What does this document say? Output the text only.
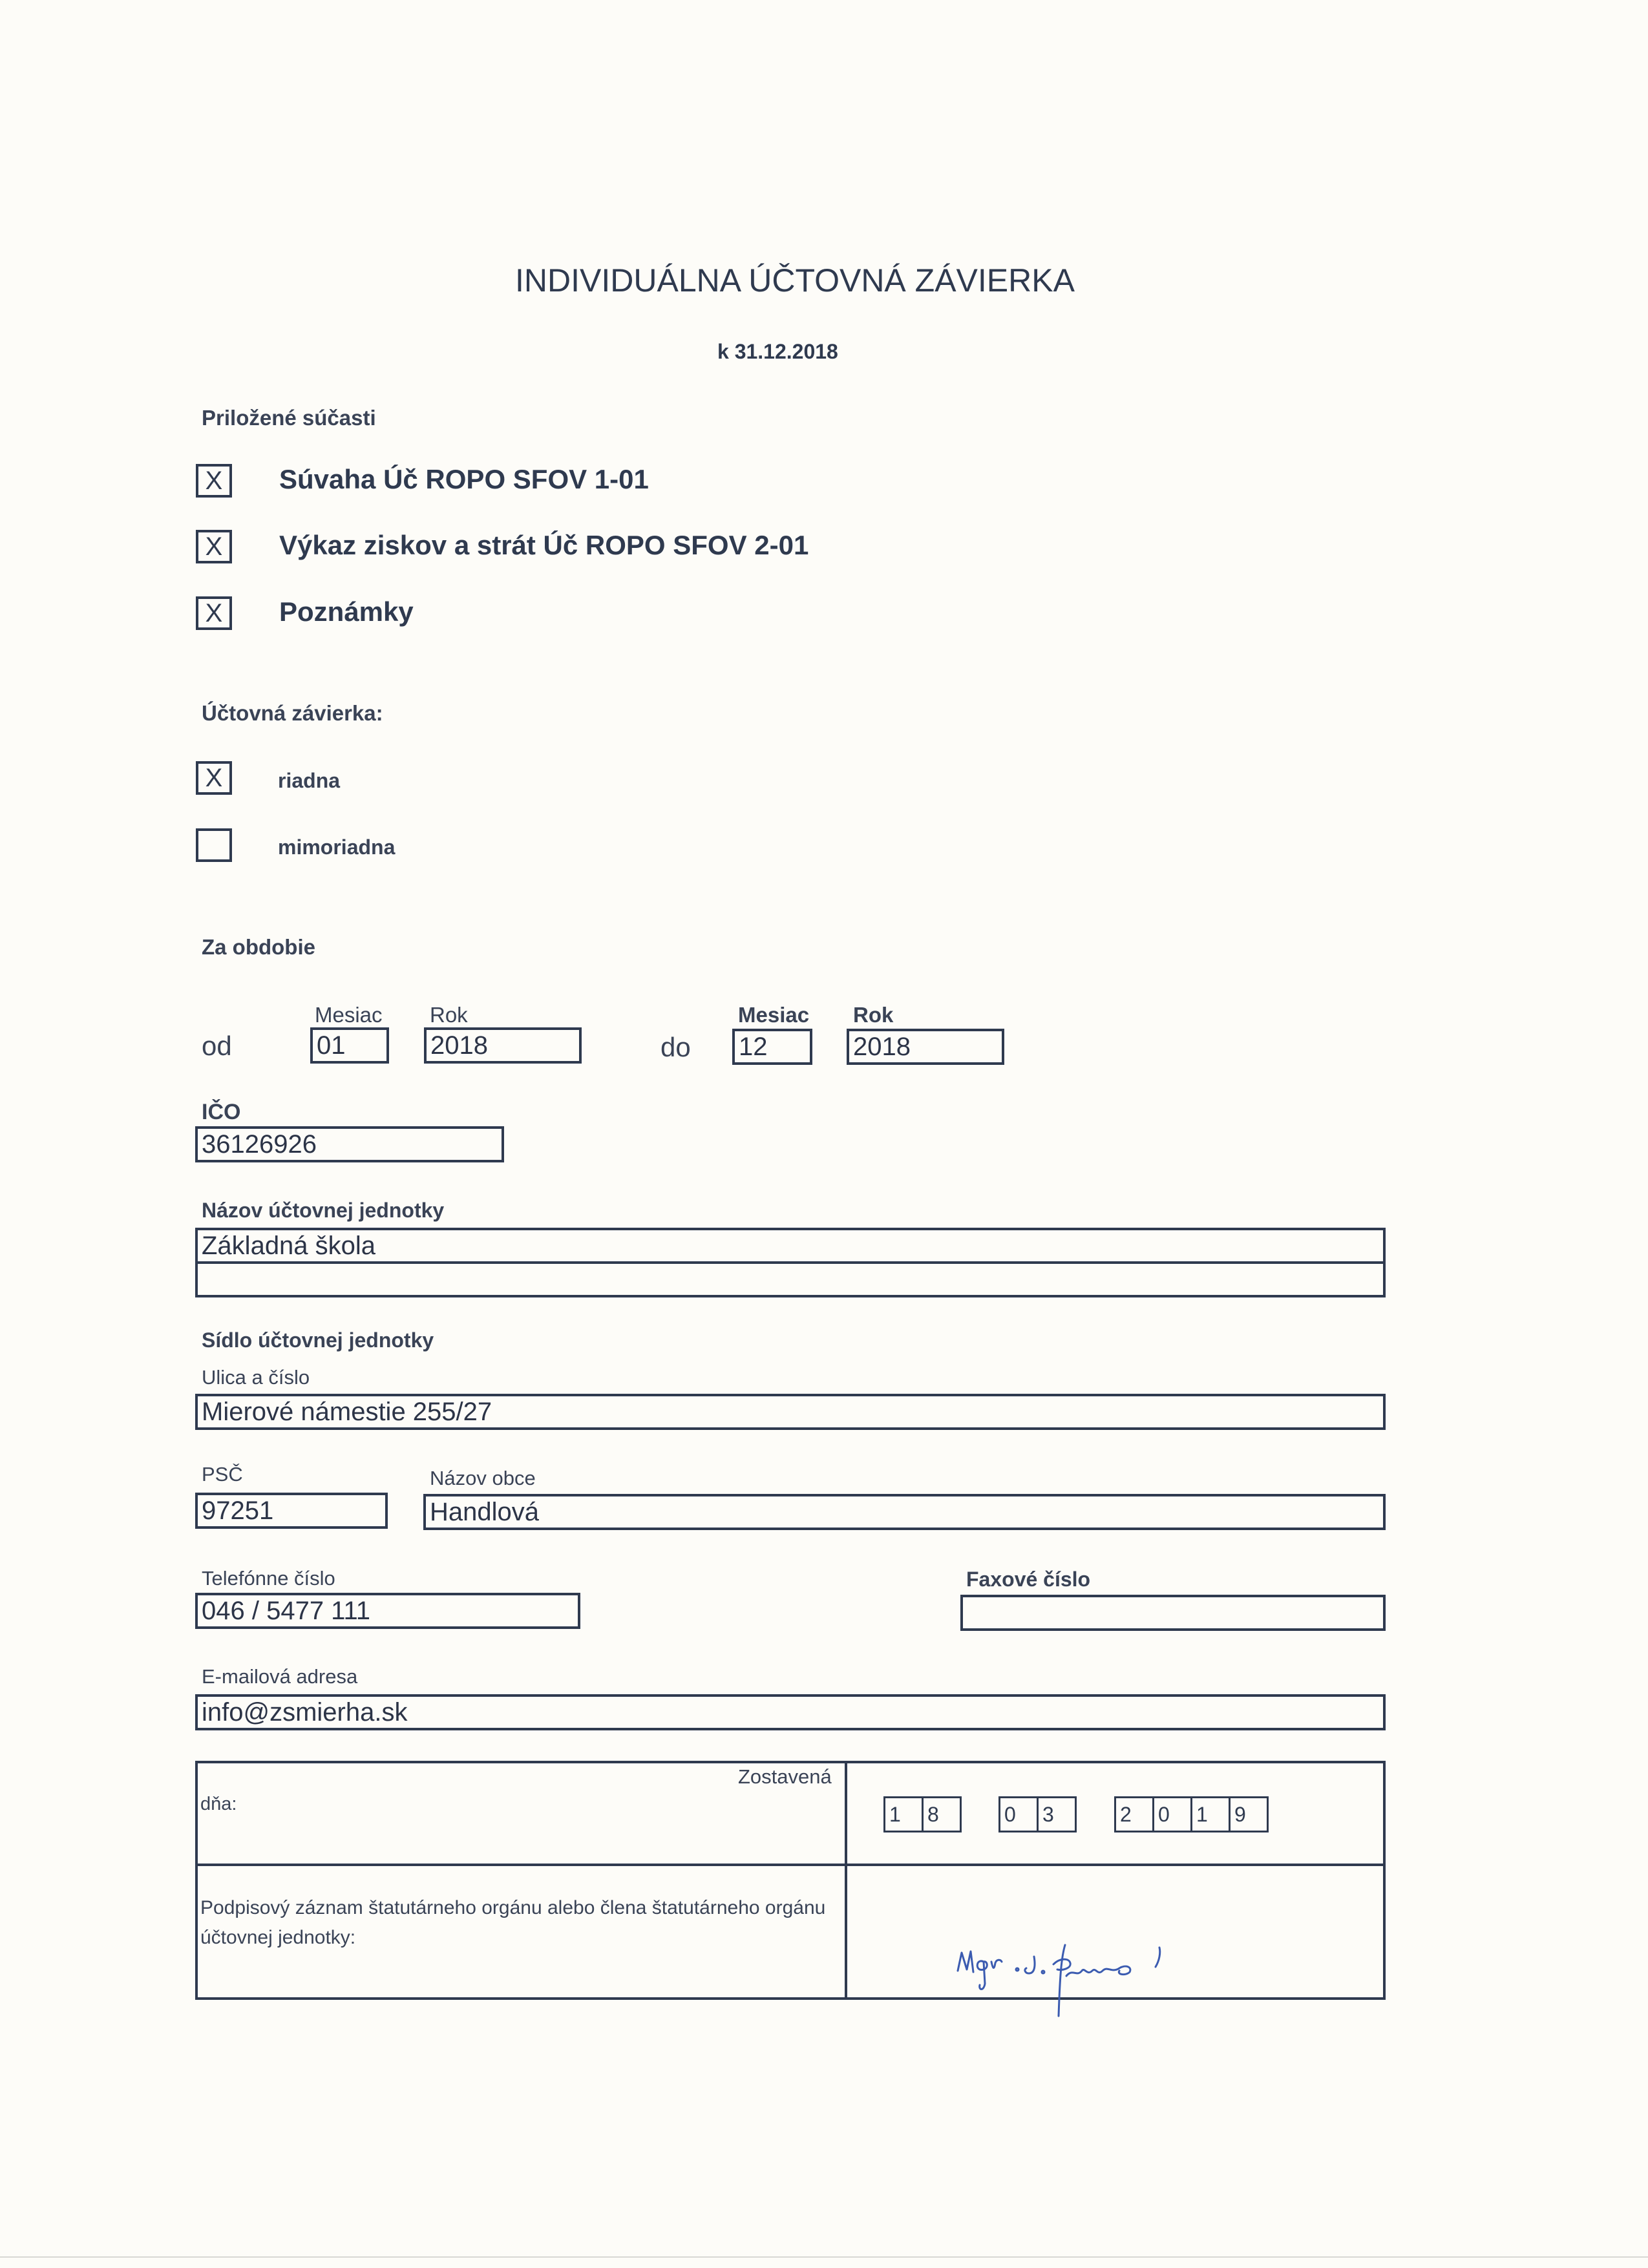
INDIVIDUÁLNA ÚČTOVNÁ ZÁVIERKA
k 31.12.2018
Priložené súčasti
X	Súvaha Úč ROPO SFOV 1-01
X	Výkaz ziskov a strát Úč ROPO SFOV 2-01
X	Poznámky
Účtovná závierka:
X	riadna
mimoriadna
Za obdobie
Mesiac Rok
od	01	2018
Mesiac Rok
do 12	2018
IČO
36126926
Názov účtovnej jednotky
Základná škola
Sídlo účtovnej jednotky
Ulica a číslo
Mierové námestie 255/27
PSČ	Názov obce
97251	Handlová
Telefónne číslo
046 / 5477 111
Faxové číslo
E-mailová adresa
info@zsmierha.sk
Zostavená
dňa:	1	8	0	3	2	0	1	9
Podpisový záznam štatutárneho orgánu alebo člena štatutárneho orgánu účtovnej jednotky:
